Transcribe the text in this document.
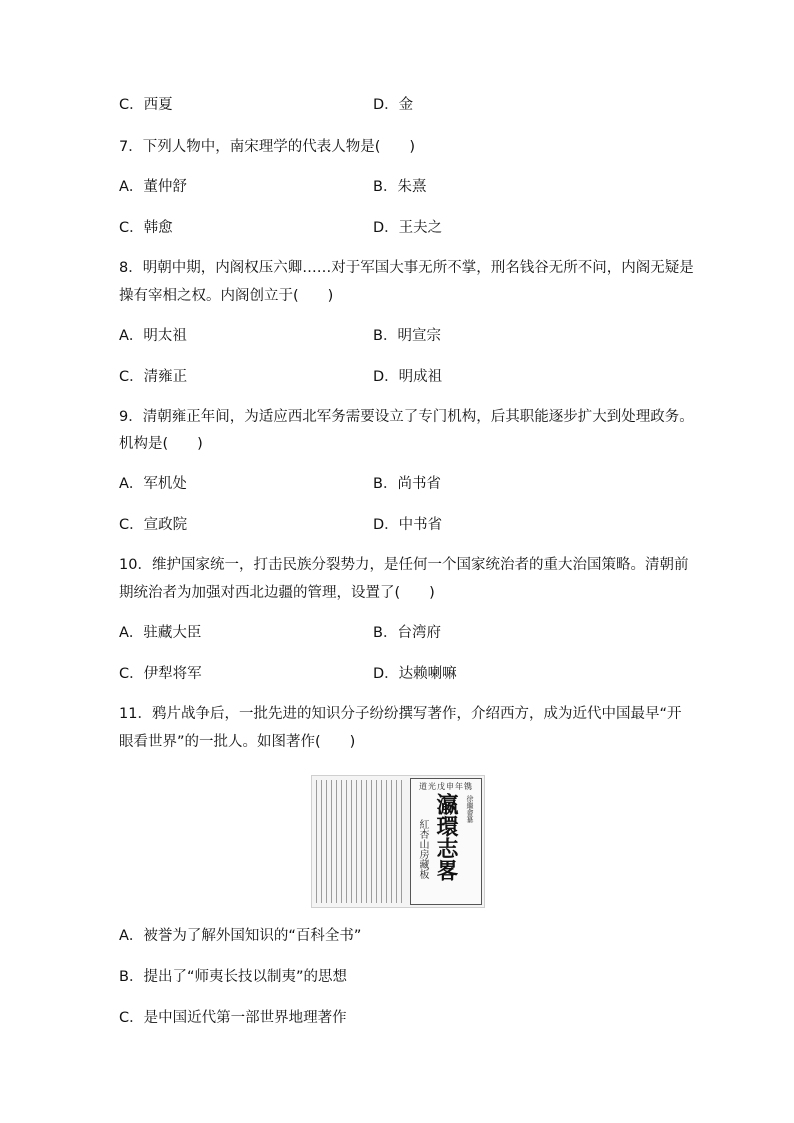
C．西夏	D．金
7．下列人物中，南宋理学的代表人物是(　　)
A．董仲舒	B．朱熹
C．韩愈	D．王夫之
8．明朝中期，内阁权压六卿……对于军国大事无所不掌，刑名钱谷无所不问，内阁无疑是
操有宰相之权。内阁创立于(　　)
A．明太祖	B．明宣宗
C．清雍正	D．明成祖
9．清朝雍正年间，为适应西北军务需要设立了专门机构，后其职能逐步扩大到处理政务。
机构是(　　)
A．军机处	B．尚书省
C．宣政院	D．中书省
10．维护国家统一，打击民族分裂势力，是任何一个国家统治者的重大治国策略。清朝前
期统治者为加强对西北边疆的管理，设置了(　　)
A．驻藏大臣	B．台湾府
C．伊犁将军	D．达赖喇嘛
11．鸦片战争后，一批先进的知识分子纷纷撰写著作，介绍西方，成为近代中国最早“开
眼看世界”的一批人。如图著作(　　)
道光戊申年镌
瀛環志畧
紅杏山房藏板
徐繼畬纂
A．被誉为了解外国知识的“百科全书”
B．提出了“师夷长技以制夷”的思想
C．是中国近代第一部世界地理著作
